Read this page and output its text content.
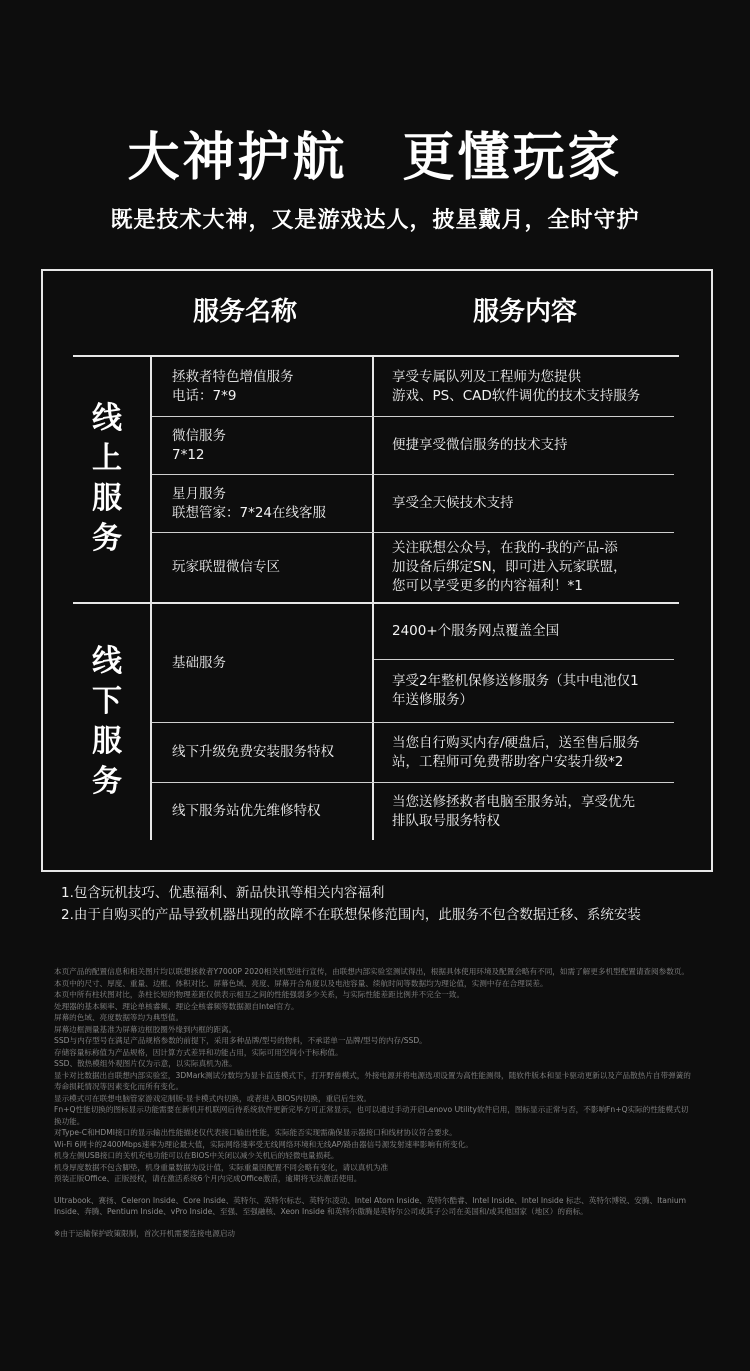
大神护航　更懂玩家
既是技术大神，又是游戏达人，披星戴月，全时守护
服务名称	服务内容
线
上
服
务
线
下
服
务
拯救者特色增值服务
电话：7*9
享受专属队列及工程师为您提供
游戏、PS、CAD软件调优的技术支持服务
微信服务
7*12
便捷享受微信服务的技术支持
星月服务
联想管家：7*24在线客服
享受全天候技术支持
玩家联盟微信专区
关注联想公众号，在我的-我的产品-添
加设备后绑定SN，即可进入玩家联盟，
您可以享受更多的内容福利！*1
基础服务
2400+个服务网点覆盖全国
享受2年整机保修送修服务（其中电池仅1
年送修服务）
线下升级免费安装服务特权
当您自行购买内存/硬盘后，送至售后服务
站，工程师可免费帮助客户安装升级*2
线下服务站优先维修特权
当您送修拯救者电脑至服务站，享受优先
排队取号服务特权
1.包含玩机技巧、优惠福利、新品快讯等相关内容福利
2.由于自购买的产品导致机器出现的故障不在联想保修范围内，此服务不包含数据迁移、系统安装

本页产品的配置信息和相关图片均以联想拯救者Y7000P 2020相关机型进行宣传，由联想内部实验室测试得出，根据具体使用环境及配置会略有不同，如需了解更多机型配置请查阅参数页。

本页中的尺寸、厚度、重量、边框、体积对比、屏幕色域、亮度、屏幕开合角度以及电池容量、续航时间等数据均为理论值，实测中存在合理误差。

本页中所有柱状图对比，条柱长短的物理差距仅供表示相互之间的性能强弱多少关系，与实际性能差距比例并不完全一致。

处理器的基本频率、理论单核睿频、理论全核睿频等数据源自Intel官方。

屏幕的色域、亮度数据等均为典型值。

屏幕边框测量基准为屏幕边框胶圈外缘到内框的距离。

SSD与内存型号在满足产品规格参数的前提下，采用多种品牌/型号的物料，不承诺单一品牌/型号的内存/SSD。

存储容量标称值为产品规格，因计算方式差异和功能占用，实际可用空间小于标称值。

SSD、散热模组外观图片仅为示意，以实际真机为准。

显卡对比数据出自联想内部实验室，3DMark测试分数均为显卡直连模式下，打开野兽模式，外接电源并将电源选项设置为高性能测得，随软件版本和显卡驱动更新以及产品散热片自带弹簧的寿命损耗情况等因素变化而所有变化。

显示模式可在联想电脑管家游戏定制版-显卡模式内切换，或者进入BIOS内切换，重启后生效。

Fn+Q性能切换的图标显示功能需要在新机开机联网后待系统软件更新完毕方可正常显示，也可以通过手动开启Lenovo Utility软件启用，图标显示正常与否，不影响Fn+Q实际的性能模式切换功能。

对Type-C和HDMI接口的显示输出性能描述仅代表接口输出性能，实际能否实现需确保显示器接口和线材协议符合要求。

Wi-Fi 6网卡的2400Mbps速率为理论最大值，实际网络速率受无线网络环境和无线AP/路由器信号源发射速率影响有所变化。

机身左侧USB接口的关机充电功能可以在BIOS中关闭以减少关机后的轻微电量损耗。

机身厚度数据不包含脚垫，机身重量数据为设计值，实际重量因配置不同会略有变化，请以真机为准

预装正版Office、正版授权，请在激活系统6个月内完成Office激活，逾期将无法激活使用。

Ultrabook、赛扬、Celeron Inside、Core Inside、英特尔、英特尔标志、英特尔凌动、Intel Atom Inside、英特尔酷睿、Intel Inside、Intel Inside 标志、英特尔博锐、安腾、Itanium Inside、奔腾、Pentium Inside、vPro Inside、至强、至强融核、Xeon Inside 和英特尔傲腾是英特尔公司或其子公司在美国和/或其他国家（地区）的商标。

※由于运输保护政策限制，首次开机需要连接电源启动
